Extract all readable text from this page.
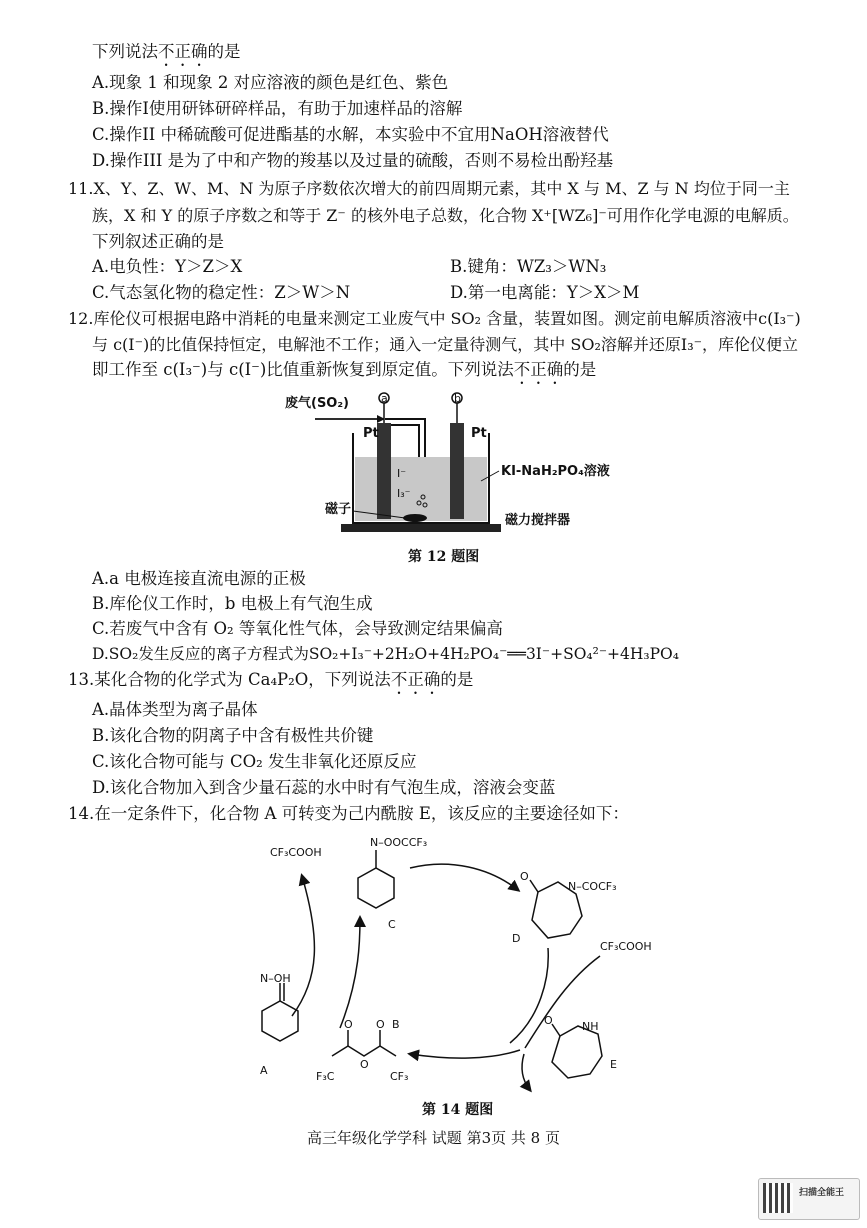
下列说法不正确的是
A.现象 1 和现象 2 对应溶液的颜色是红色、紫色
B.操作I使用研钵研碎样品，有助于加速样品的溶解
C.操作II 中稀硫酸可促进酯基的水解，本实验中不宜用NaOH溶液替代
D.操作III 是为了中和产物的羧基以及过量的硫酸，否则不易检出酚羟基
11.X、Y、Z、W、M、N 为原子序数依次增大的前四周期元素，其中 X 与 M、Z 与 N 均位于同一主
族，X 和 Y 的原子序数之和等于 Z⁻ 的核外电子总数，化合物 X⁺[WZ₆]⁻可用作化学电源的电解质。
下列叙述正确的是
A.电负性：Y＞Z＞X	B.键角：WZ₃＞WN₃
C.气态氢化物的稳定性：Z＞W＞N	D.第一电离能：Y＞X＞M
12.库伦仪可根据电路中消耗的电量来测定工业废气中 SO₂ 含量，装置如图。测定前电解质溶液中c(I₃⁻)
与 c(I⁻)的比值保持恒定，电解池不工作；通入一定量待测气，其中 SO₂溶解并还原I₃⁻，库伦仪便立
即工作至 c(I₃⁻)与 c(I⁻)比值重新恢复到原定值。下列说法不正确的是
废气(SO₂)	a	b
Pt	Pt
I⁻
I₃⁻
KI-NaH₂PO₄溶液
磁子
磁力搅拌器
第 12 题图
A.a 电极连接直流电源的正极
B.库伦仪工作时，b 电极上有气泡生成
C.若废气中含有 O₂ 等氧化性气体，会导致测定结果偏高
D.SO₂发生反应的离子方程式为SO₂+I₃⁻+2H₂O+4H₂PO₄⁻══3I⁻+SO₄²⁻+4H₃PO₄
13.某化合物的化学式为 Ca₄P₂O，下列说法不正确的是
A.晶体类型为离子晶体
B.该化合物的阴离子中含有极性共价键
C.该化合物可能与 CO₂ 发生非氧化还原反应
D.该化合物加入到含少量石蕊的水中时有气泡生成，溶液会变蓝
14.在一定条件下，化合物 A 可转变为己内酰胺 E，该反应的主要途径如下：
N–OH
A
N–OOCCF₃
C
CF₃COOH
O
N–COCF₃
D
CF₃COOH
O	NH
E
O O
O
F₃C	CF₃
B
第 14 题图
高三年级化学学科 试题 第3页 共 8 页
扫描全能王
